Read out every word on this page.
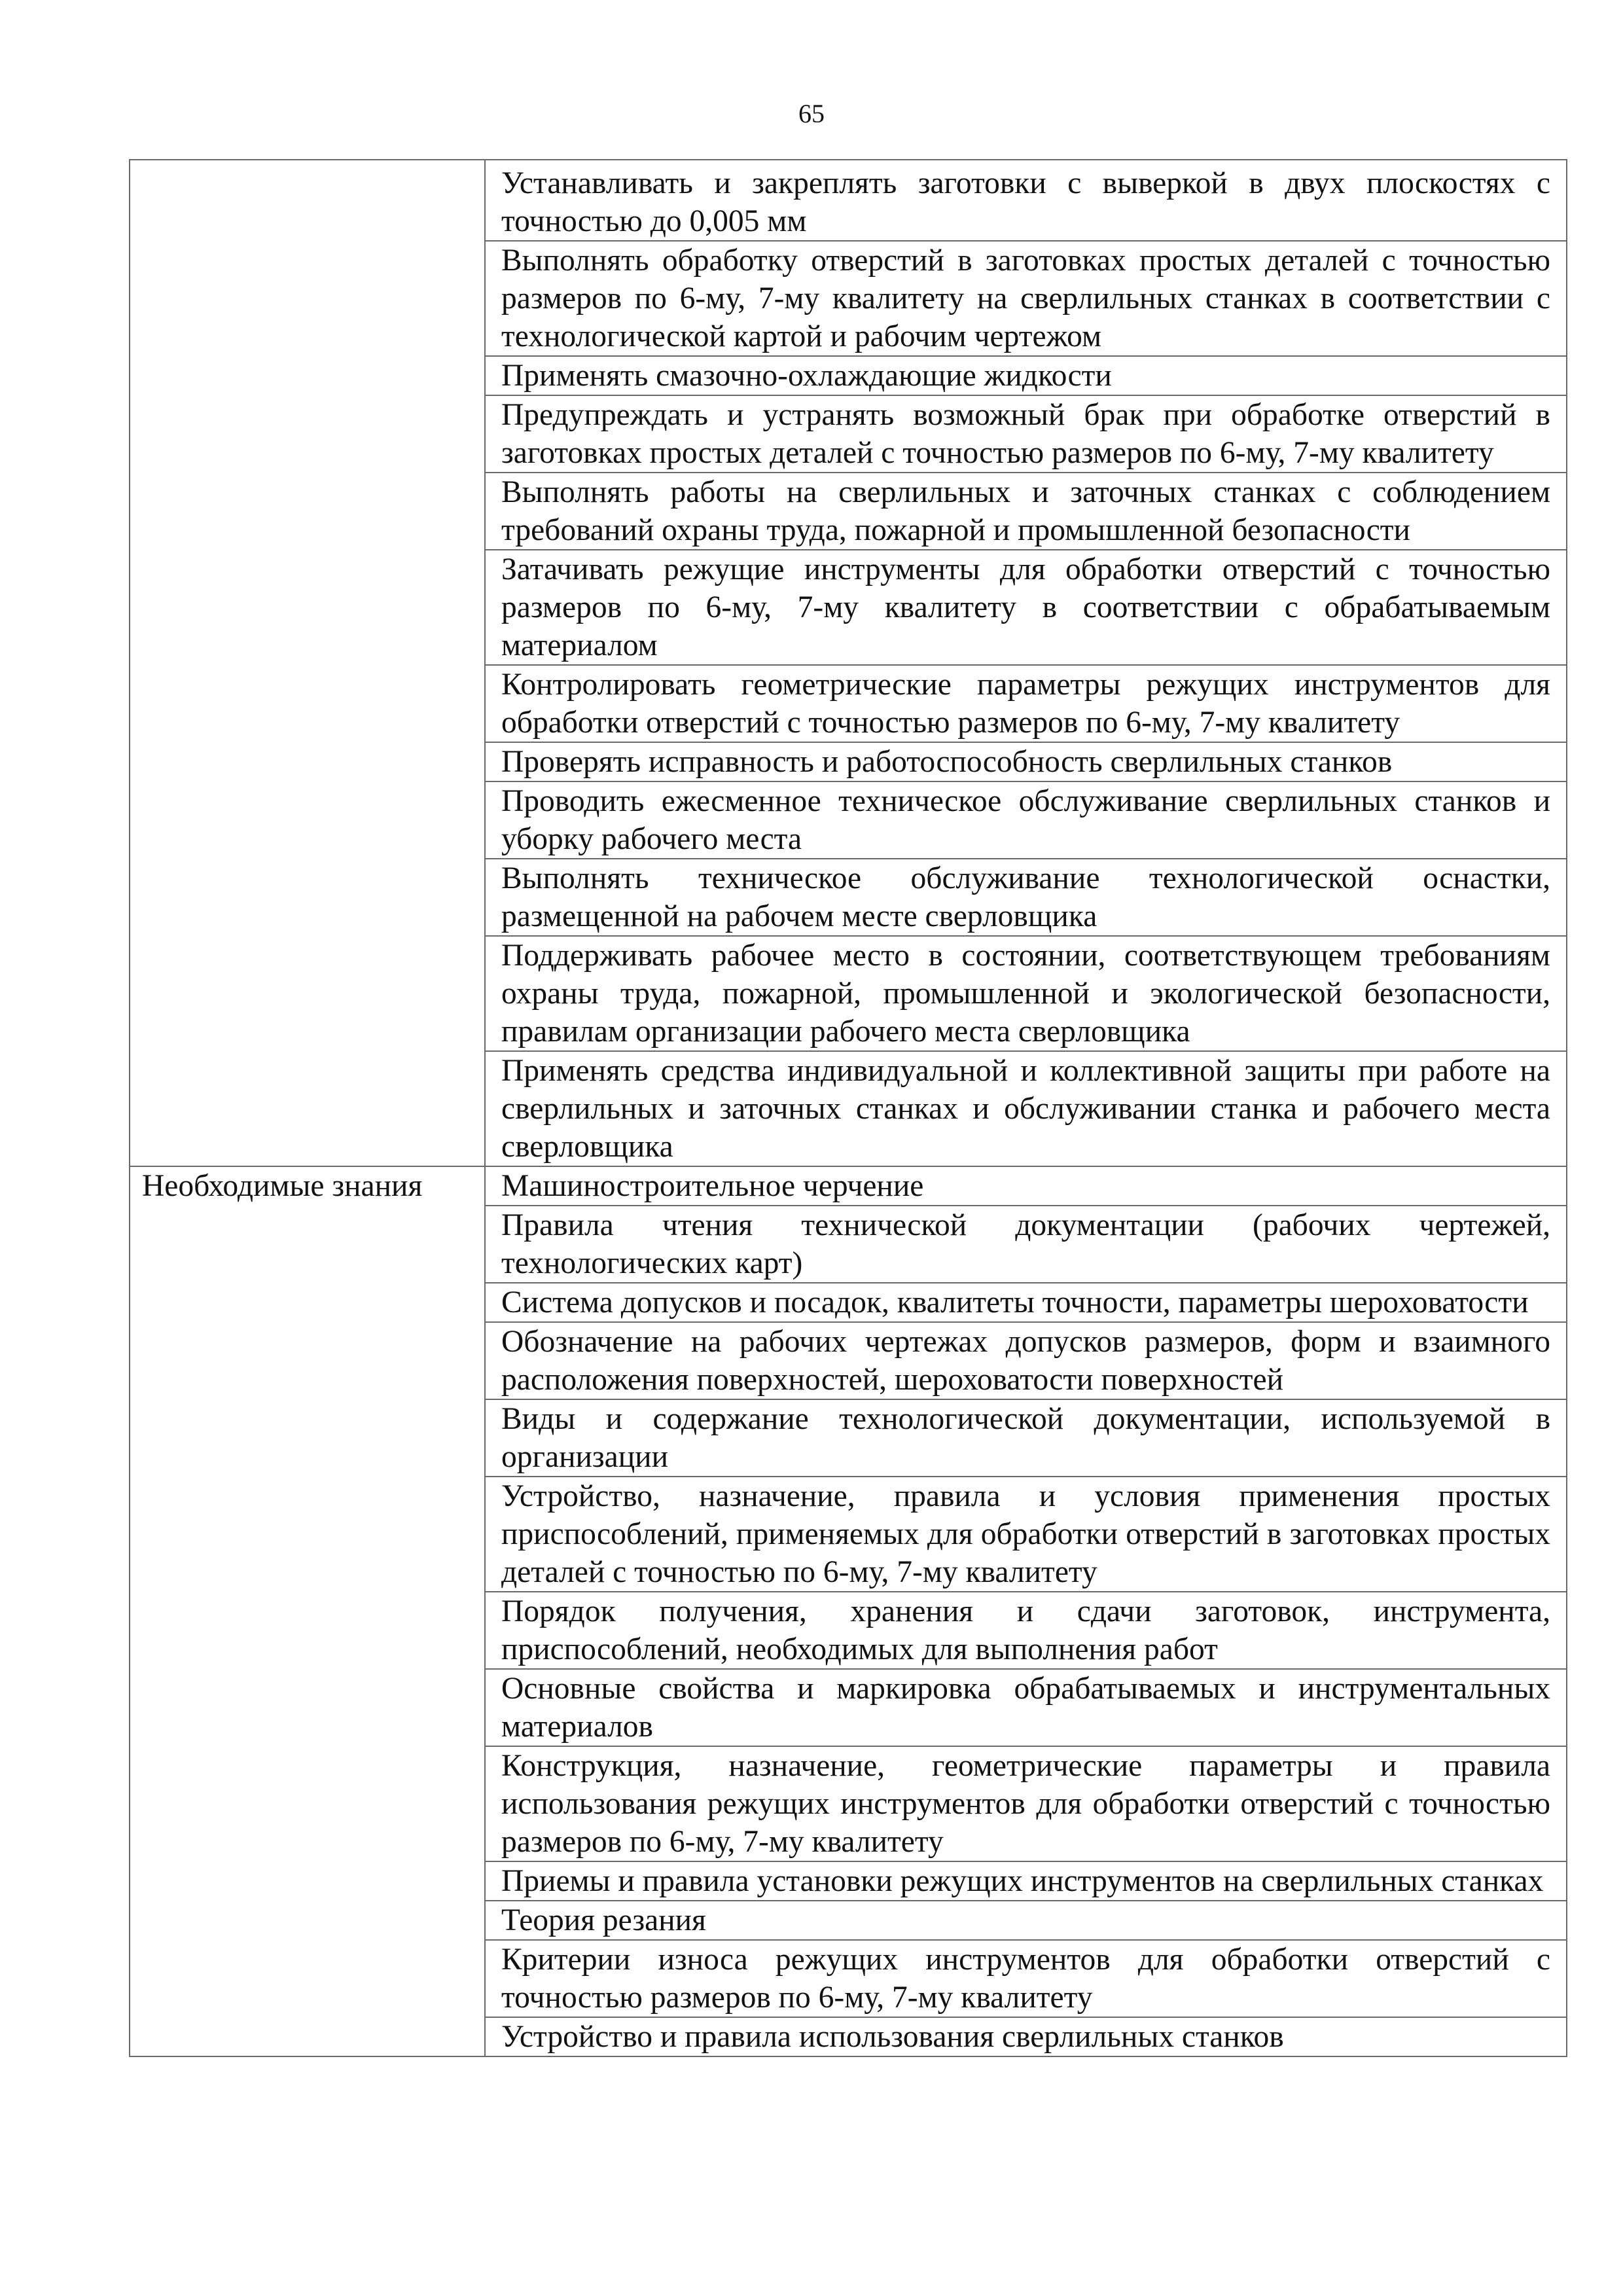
65
	Устанавливать и закреплять заготовки с выверкой в двух плоскостях с точностью до 0,005 мм
	Выполнять обработку отверстий в заготовках простых деталей с точностью размеров по 6-му, 7-му квалитету на сверлильных станках в соответствии с технологической картой и рабочим чертежом
	Применять смазочно-охлаждающие жидкости
	Предупреждать и устранять возможный брак при обработке отверстий в заготовках простых деталей с точностью размеров по 6-му, 7-му квалитету
	Выполнять работы на сверлильных и заточных станках с соблюдением требований охраны труда, пожарной и промышленной безопасности
	Затачивать режущие инструменты для обработки отверстий с точностью размеров по 6-му, 7-му квалитету в соответствии с обрабатываемым материалом
	Контролировать геометрические параметры режущих инструментов для обработки отверстий с точностью размеров по 6-му, 7-му квалитету
	Проверять исправность и работоспособность сверлильных станков
	Проводить ежесменное техническое обслуживание сверлильных станков и уборку рабочего места
	Выполнять техническое обслуживание технологической оснастки, размещенной на рабочем месте сверловщика
	Поддерживать рабочее место в состоянии, соответствующем требованиям охраны труда, пожарной, промышленной и экологической безопасности, правилам организации рабочего места сверловщика
	Применять средства индивидуальной и коллективной защиты при работе на сверлильных и заточных станках и обслуживании станка и рабочего места сверловщика
Необходимые знания	Машиностроительное черчение
	Правила чтения технической документации (рабочих чертежей, технологических карт)
	Система допусков и посадок, квалитеты точности, параметры шероховатости
	Обозначение на рабочих чертежах допусков размеров, форм и взаимного расположения поверхностей, шероховатости поверхностей
	Виды и содержание технологической документации, используемой в организации
	Устройство, назначение, правила и условия применения простых приспособлений, применяемых для обработки отверстий в заготовках простых деталей с точностью по 6-му, 7-му квалитету
	Порядок получения, хранения и сдачи заготовок, инструмента, приспособлений, необходимых для выполнения работ
	Основные свойства и маркировка обрабатываемых и инструментальных материалов
	Конструкция, назначение, геометрические параметры и правила использования режущих инструментов для обработки отверстий с точностью размеров по 6-му, 7-му квалитету
	Приемы и правила установки режущих инструментов на сверлильных станках
	Теория резания
	Критерии износа режущих инструментов для обработки отверстий с точностью размеров по 6-му, 7-му квалитету
	Устройство и правила использования сверлильных станков
